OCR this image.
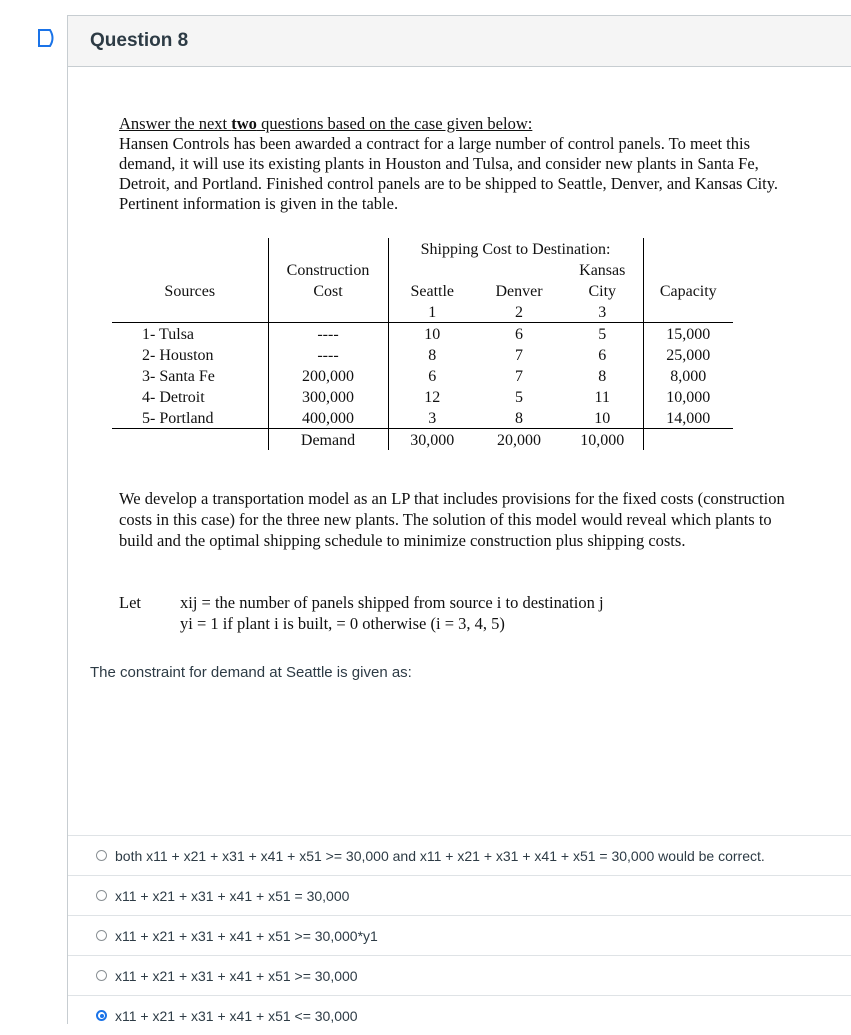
Question 8
Answer the next two questions based on the case given below:
Hansen Controls has been awarded a contract for a large number of control panels. To meet this demand, it will use its existing plants in Houston and Tulsa, and consider new plants in Santa Fe, Detroit, and Portland. Finished control panels are to be shipped to Seattle, Denver, and Kansas City. Pertinent information is given in the table.
		Shipping Cost to Destination:			
	Construction			Kansas	
Sources	Cost	Seattle	Denver	City	Capacity
		1	2	3	
1- Tulsa	----	10	6	5	15,000
2- Houston	----	8	7	6	25,000
3- Santa Fe	200,000	6	7	8	8,000
4- Detroit	300,000	12	5	11	10,000
5- Portland	400,000	3	8	10	14,000
	Demand	30,000	20,000	10,000	
We develop a transportation model as an LP that includes provisions for the fixed costs (construction costs in this case) for the three new plants. The solution of this model would reveal which plants to build and the optimal shipping schedule to minimize construction plus shipping costs.
Let xij = the number of panels shipped from source i to destination j
yi = 1 if plant i is built, = 0 otherwise (i = 3, 4, 5)
The constraint for demand at Seattle is given as:
both x11 + x21 + x31 + x41 + x51 >= 30,000 and x11 + x21 + x31 + x41 + x51 = 30,000 would be correct.
x11 + x21 + x31 + x41 + x51 = 30,000
x11 + x21 + x31 + x41 + x51 >= 30,000*y1
x11 + x21 + x31 + x41 + x51 >= 30,000
x11 + x21 + x31 + x41 + x51 <= 30,000
